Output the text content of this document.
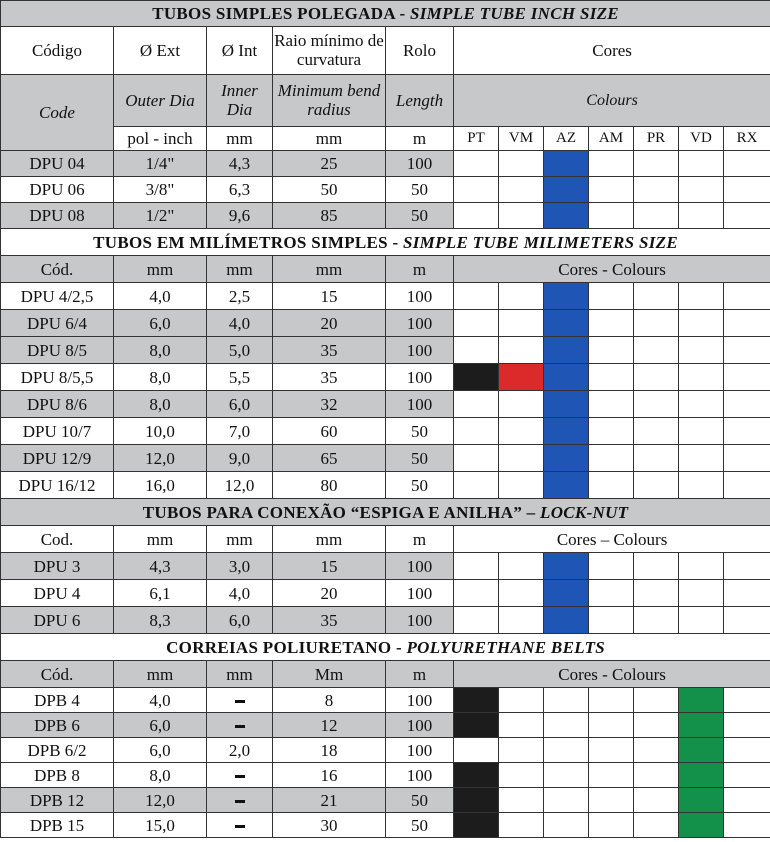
TUBOS SIMPLES POLEGADA - SIMPLE TUBE INCH SIZE											
Código	Ø Ext	Ø Int	Raio mínimo de curvatura	Rolo	Cores						
Code	Outer Dia	Inner Dia	Minimum bend radius	Length	Colours						
	pol - inch	mm	mm	m	PT	VM	AZ	AM	PR	VD	RX
DPU 04	1/4"	4,3	25	100							
DPU 06	3/8"	6,3	50	50							
DPU 08	1/2"	9,6	85	50							
TUBOS EM MILÍMETROS SIMPLES - SIMPLE TUBE MILIMETERS SIZE											
Cód.	mm	mm	mm	m	Cores - Colours						
DPU 4/2,5	4,0	2,5	15	100							
DPU 6/4	6,0	4,0	20	100							
DPU 8/5	8,0	5,0	35	100							
DPU 8/5,5	8,0	5,5	35	100							
DPU 8/6	8,0	6,0	32	100							
DPU 10/7	10,0	7,0	60	50							
DPU 12/9	12,0	9,0	65	50							
DPU 16/12	16,0	12,0	80	50							
TUBOS PARA CONEXÃO “ESPIGA E ANILHA” – LOCK-NUT											
Cod.	mm	mm	mm	m	Cores – Colours						
DPU 3	4,3	3,0	15	100							
DPU 4	6,1	4,0	20	100							
DPU 6	8,3	6,0	35	100							
CORREIAS POLIURETANO - POLYURETHANE BELTS											
Cód.	mm	mm	Mm	m	Cores - Colours						
DPB 4	4,0		8	100							
DPB 6	6,0		12	100							
DPB 6/2	6,0	2,0	18	100							
DPB 8	8,0		16	100							
DPB 12	12,0		21	50							
DPB 15	15,0		30	50							
